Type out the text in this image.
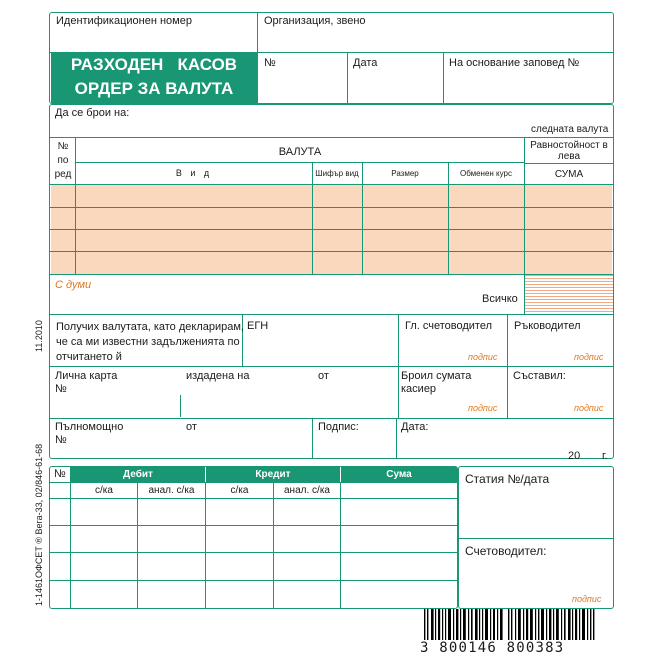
11.2010
1-1461ОФСЕТ ® Вега-33, 02/846-61-68
Идентификационен номер	Организация, звено
РАЗХОДЕН   КАСОВ
ОРДЕР ЗА ВАЛУТА
№	Дата	На основание заповед №
Да се брои на:
следната валута
№
по
ред
ВАЛУТА
Равностойност в
лева
В и д	Шифър вид	Размер	Обменен курс	СУМА
С думи
Всичко
Получих валутата, като декларирам,
че са ми известни задълженията по
отчитането й
ЕГН	Гл. счетоводител Ръководител
подпис	подпис
Лична карта
№
издадена на	от	Броил сумата
касиер
Съставил:
подпис	подпис
Пълномощно
№
от	Подпис:	Дата:
20 г.
№	Дебит	Кредит	Сума
с/ка	анал. с/ка	с/ка	анал. с/ка
Статия №/дата
Счетоводител:
подпис
3 800146 800383
